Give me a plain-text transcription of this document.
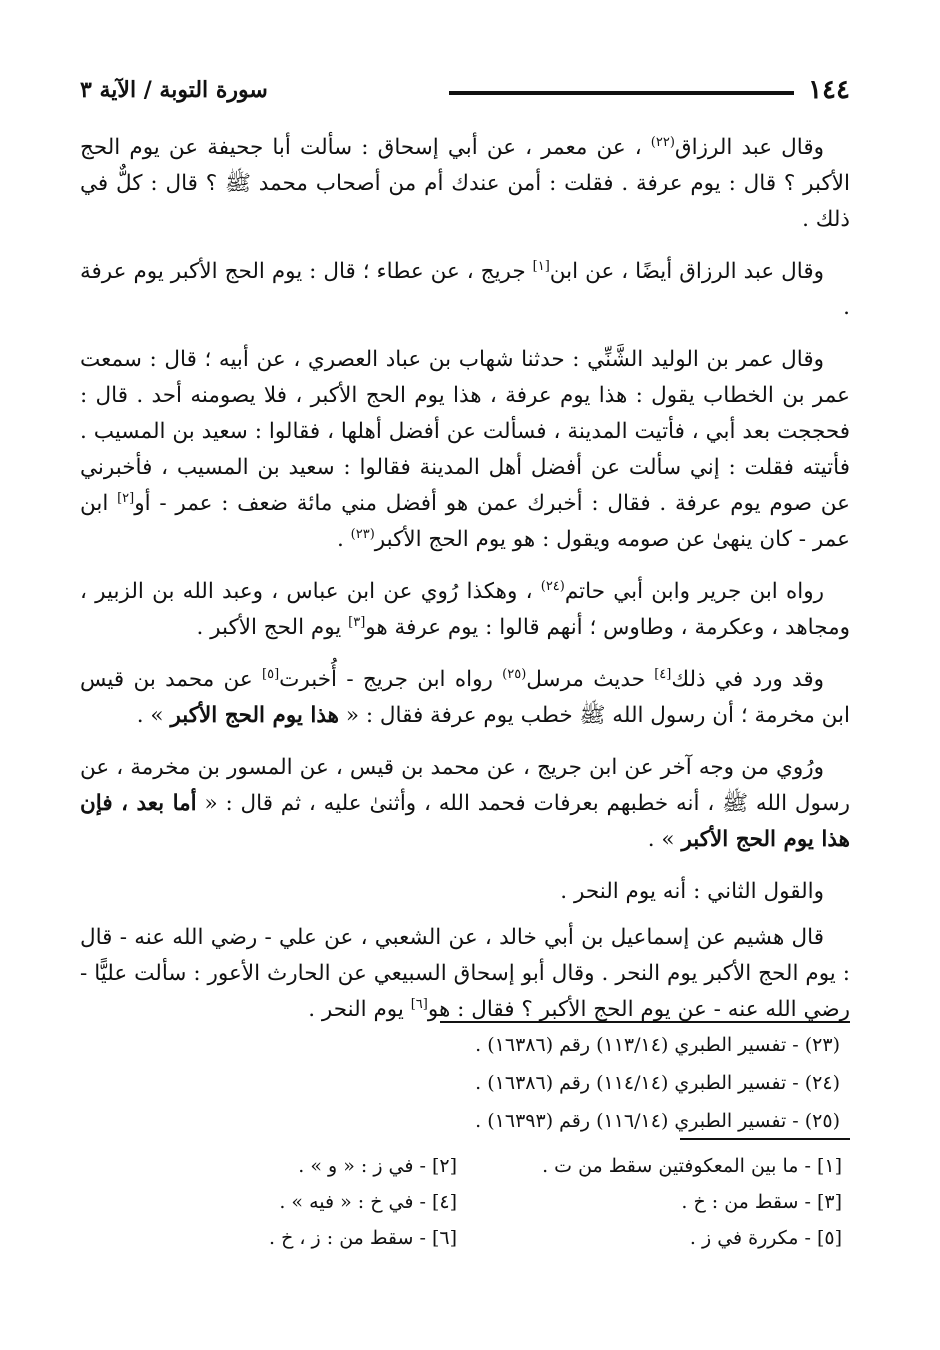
١٤٤
سورة التوبة / الآية ٣

وقال عبد الرزاق$^{(٢٢)}$ ، عن معمر ، عن أبي إسحاق : سألت أبا جحيفة عن يوم الحج الأكبر ؟ قال : يوم عرفة . فقلت : أمن عندك أم من أصحاب محمد ﷺ ؟ قال : كلٌّ في ذلك .

وقال عبد الرزاق أيضًا ، عن ابن[١] جريج ، عن عطاء ؛ قال : يوم الحج الأكبر يوم عرفة .

وقال عمر بن الوليد الشَّنِّي : حدثنا شهاب بن عباد العصري ، عن أبيه ؛ قال : سمعت عمر بن الخطاب يقول : هذا يوم عرفة ، هذا يوم الحج الأكبر ، فلا يصومنه أحد . قال : فحججت بعد أبي ، فأتيت المدينة ، فسألت عن أفضل أهلها ، فقالوا : سعيد بن المسيب . فأتيته فقلت : إني سألت عن أفضل أهل المدينة فقالوا : سعيد بن المسيب ، فأخبرني عن صوم يوم عرفة . فقال : أخبرك عمن هو أفضل مني مائة ضعف : عمر - أو[٢] ابن عمر - كان ينهىٰ عن صومه ويقول : هو يوم الحج الأكبر$^{(٢٣)}$ .

رواه ابن جرير وابن أبي حاتم$^{(٢٤)}$ ، وهكذا رُوي عن ابن عباس ، وعبد الله بن الزبير ، ومجاهد ، وعكرمة ، وطاوس ؛ أنهم قالوا : يوم عرفة هو[٣] يوم الحج الأكبر .

وقد ورد في ذلك[٤] حديث مرسل$^{(٢٥)}$ رواه ابن جريج - أُخبرت[٥] عن محمد بن قيس ابن مخرمة ؛ أن رسول الله ﷺ خطب يوم عرفة فقال : « هذا يوم الحج الأكبر » .

ورُوي من وجه آخر عن ابن جريج ، عن محمد بن قيس ، عن المسور بن مخرمة ، عن رسول الله ﷺ ، أنه خطبهم بعرفات فحمد الله ، وأثنىٰ عليه ، ثم قال : « أما بعد ، فإن هذا يوم الحج الأكبر » .

والقول الثاني : أنه يوم النحر .

قال هشيم عن إسماعيل بن أبي خالد ، عن الشعبي ، عن علي - رضي الله عنه - قال : يوم الحج الأكبر يوم النحر . وقال أبو إسحاق السبيعي عن الحارث الأعور : سألت عليًّا - رضي الله عنه - عن يوم الحج الأكبر ؟ فقال : هو[٦] يوم النحر .

(٢٣) - تفسير الطبري (١١٣/١٤) رقم (١٦٣٨٦) .
(٢٤) - تفسير الطبري (١١٤/١٤) رقم (١٦٣٨٦) .
(٢٥) - تفسير الطبري (١١٦/١٤) رقم (١٦٣٩٣) .
[١] - ما بين المعكوفتين سقط من ت .
[٢] - في ز : « و » .
[٣] - سقط من : خ .
[٤] - في خ : « فيه » .
[٥] - مكررة في ز .
[٦] - سقط من : ز ، خ .
